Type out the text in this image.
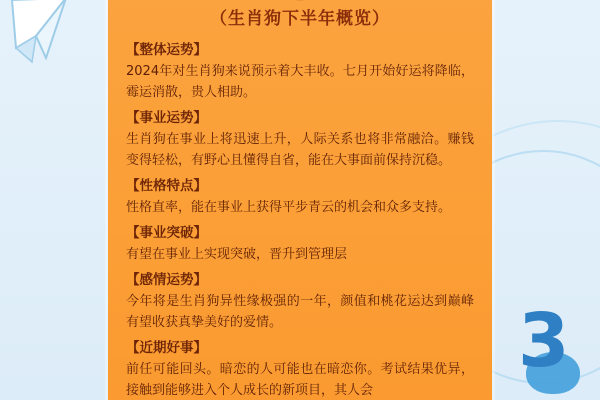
（生肖狗下半年概览）
【整体运势】
2024年对生肖狗来说预示着大丰收。七月开始好运将降临，霉运消散，贵人相助。
【事业运势】
生肖狗在事业上将迅速上升，人际关系也将非常融洽。赚钱变得轻松，有野心且懂得自省，能在大事面前保持沉稳。
【性格特点】
性格直率，能在事业上获得平步青云的机会和众多支持。
【事业突破】
有望在事业上实现突破，晋升到管理层
【感情运势】
今年将是生肖狗异性缘极强的一年，颜值和桃花运达到巅峰有望收获真挚美好的爱情。
【近期好事】
前任可能回头。暗恋的人可能也在暗恋你。考试结果优异，接触到能够进入个人成长的新项目，其人会
3
